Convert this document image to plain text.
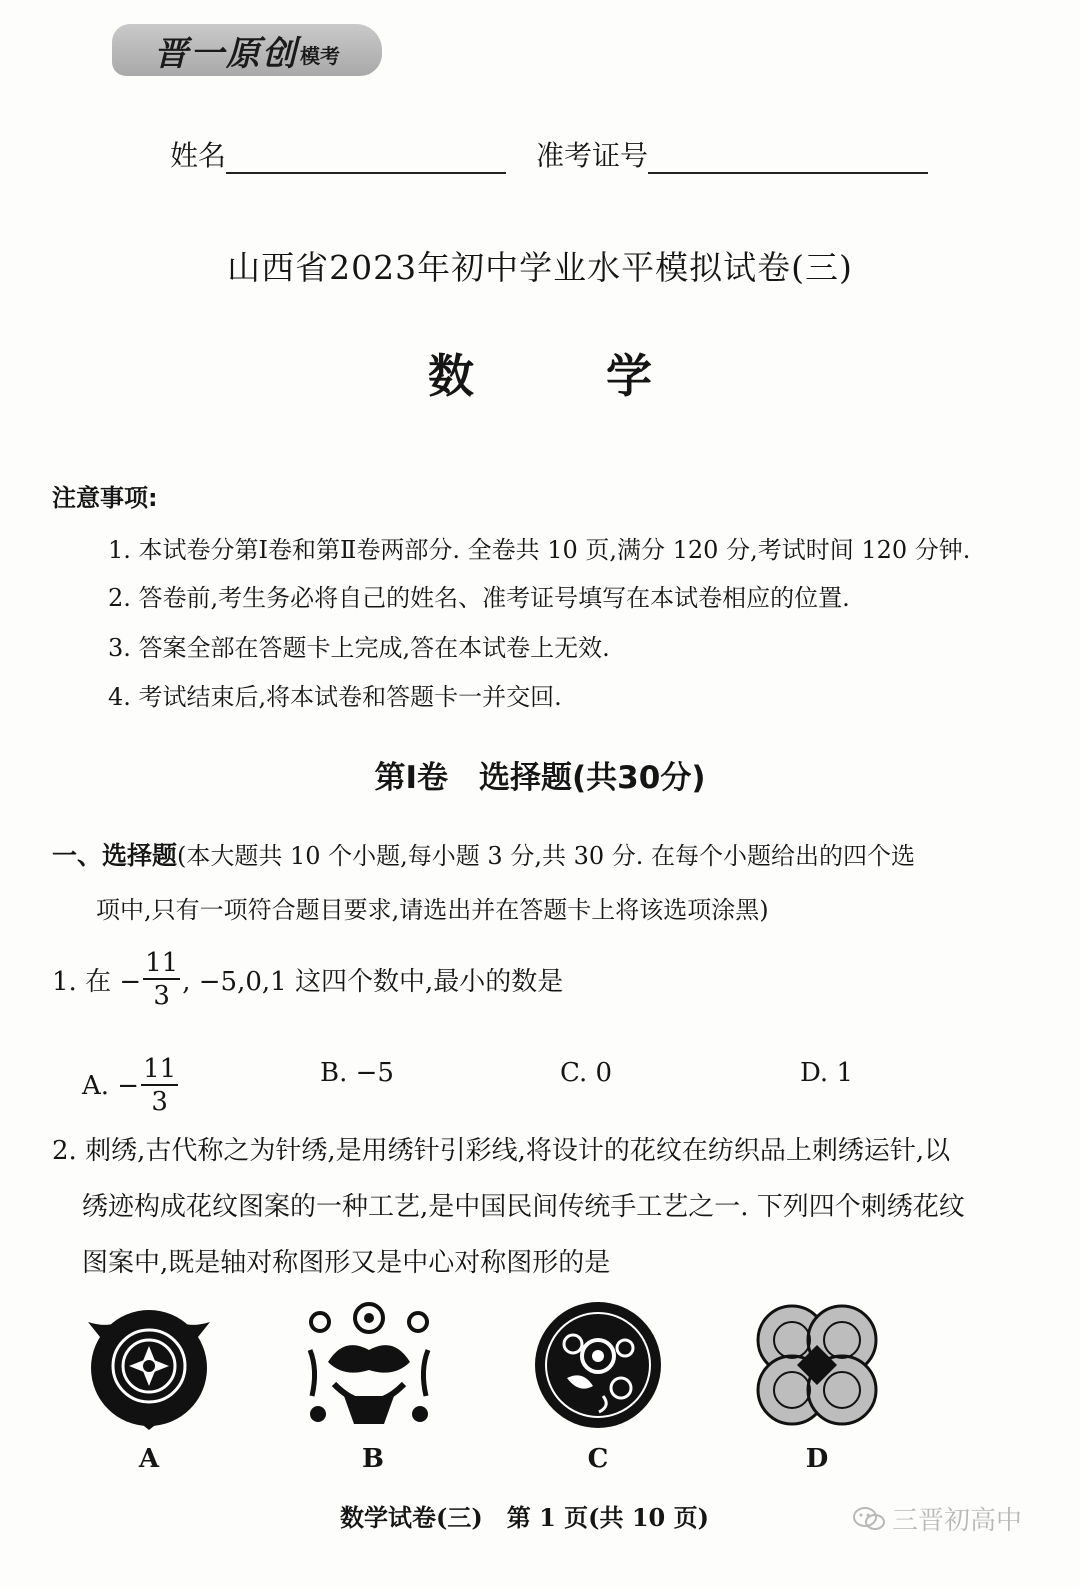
晋一原创 模考
姓名	准考证号
山西省2023年初中学业水平模拟试卷(三)
数	学
注意事项:
1. 本试卷分第Ⅰ卷和第Ⅱ卷两部分. 全卷共 10 页,满分 120 分,考试时间 120 分钟.
2. 答卷前,考生务必将自己的姓名、准考证号填写在本试卷相应的位置.
3. 答案全部在答题卡上完成,答在本试卷上无效.
4. 考试结束后,将本试卷和答题卡一并交回.
第Ⅰ卷　选择题(共30分)
一、选择题(本大题共 10 个小题,每小题 3 分,共 30 分. 在每个小题给出的四个选
项中,只有一项符合题目要求,请选出并在答题卡上将该选项涂黑)
1. 在 − $\frac{11}{3}$ , −5,0,1 这四个数中,最小的数是
A. − $\frac{11}{3}$	B. −5	C. 0	D. 1
2. 刺绣,古代称之为针绣,是用绣针引彩线,将设计的花纹在纺织品上刺绣运针,以
绣迹构成花纹图案的一种工艺,是中国民间传统手工艺之一. 下列四个刺绣花纹
图案中,既是轴对称图形又是中心对称图形的是
A	B	C	D
数学试卷(三)　第 1 页(共 10 页)	三晋初高中
